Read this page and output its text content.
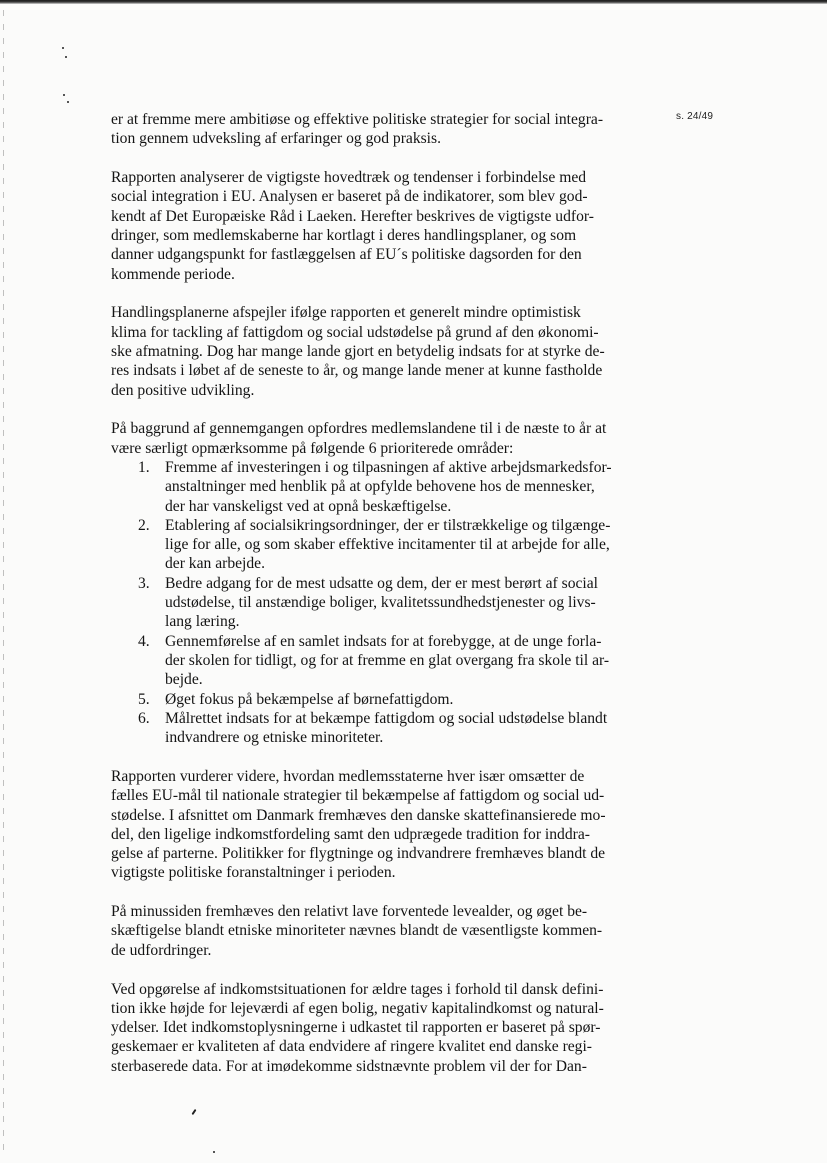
s. 24/49

er at fremme mere ambitiøse og effektive politiske strategier for social integra-
tion gennem udveksling af erfaringer og god praksis.

Rapporten analyserer de vigtigste hovedtræk og tendenser i forbindelse med
social integration i EU. Analysen er baseret på de indikatorer, som blev god-
kendt af Det Europæiske Råd i Laeken. Herefter beskrives de vigtigste udfor-
dringer, som medlemskaberne har kortlagt i deres handlingsplaner, og som
danner udgangspunkt for fastlæggelsen af EU´s politiske dagsorden for den
kommende periode.

Handlingsplanerne afspejler ifølge rapporten et generelt mindre optimistisk
klima for tackling af fattigdom og social udstødelse på grund af den økonomi-
ske afmatning. Dog har mange lande gjort en betydelig indsats for at styrke de-
res indsats i løbet af de seneste to år, og mange lande mener at kunne fastholde
den positive udvikling.

På baggrund af gennemgangen opfordres medlemslandene til i de næste to år at
være særligt opmærksomme på følgende 6 prioriterede områder:

1. Fremme af investeringen i og tilpasningen af aktive arbejdsmarkedsfor-
anstaltninger med henblik på at opfylde behovene hos de mennesker,
der har vanskeligst ved at opnå beskæftigelse.
2. Etablering af socialsikringsordninger, der er tilstrækkelige og tilgænge-
lige for alle, og som skaber effektive incitamenter til at arbejde for alle,
der kan arbejde.
3. Bedre adgang for de mest udsatte og dem, der er mest berørt af social
udstødelse, til anstændige boliger, kvalitetssundhedstjenester og livs-
lang læring.
4. Gennemførelse af en samlet indsats for at forebygge, at de unge forla-
der skolen for tidligt, og for at fremme en glat overgang fra skole til ar-
bejde.
5. Øget fokus på bekæmpelse af børnefattigdom.
6. Målrettet indsats for at bekæmpe fattigdom og social udstødelse blandt
indvandrere og etniske minoriteter.

Rapporten vurderer videre, hvordan medlemsstaterne hver især omsætter de
fælles EU-mål til nationale strategier til bekæmpelse af fattigdom og social ud-
stødelse. I afsnittet om Danmark fremhæves den danske skattefinansierede mo-
del, den ligelige indkomstfordeling samt den udprægede tradition for inddra-
gelse af parterne. Politikker for flygtninge og indvandrere fremhæves blandt de
vigtigste politiske foranstaltninger i perioden.

På minussiden fremhæves den relativt lave forventede levealder, og øget be-
skæftigelse blandt etniske minoriteter nævnes blandt de væsentligste kommen-
de udfordringer.

Ved opgørelse af indkomstsituationen for ældre tages i forhold til dansk defini-
tion ikke højde for lejeværdi af egen bolig, negativ kapitalindkomst og natural-
ydelser. Idet indkomstoplysningerne i udkastet til rapporten er baseret på spør-
geskemaer er kvaliteten af data endvidere af ringere kvalitet end danske regi-
sterbaserede data. For at imødekomme sidstnævnte problem vil der for Dan-
